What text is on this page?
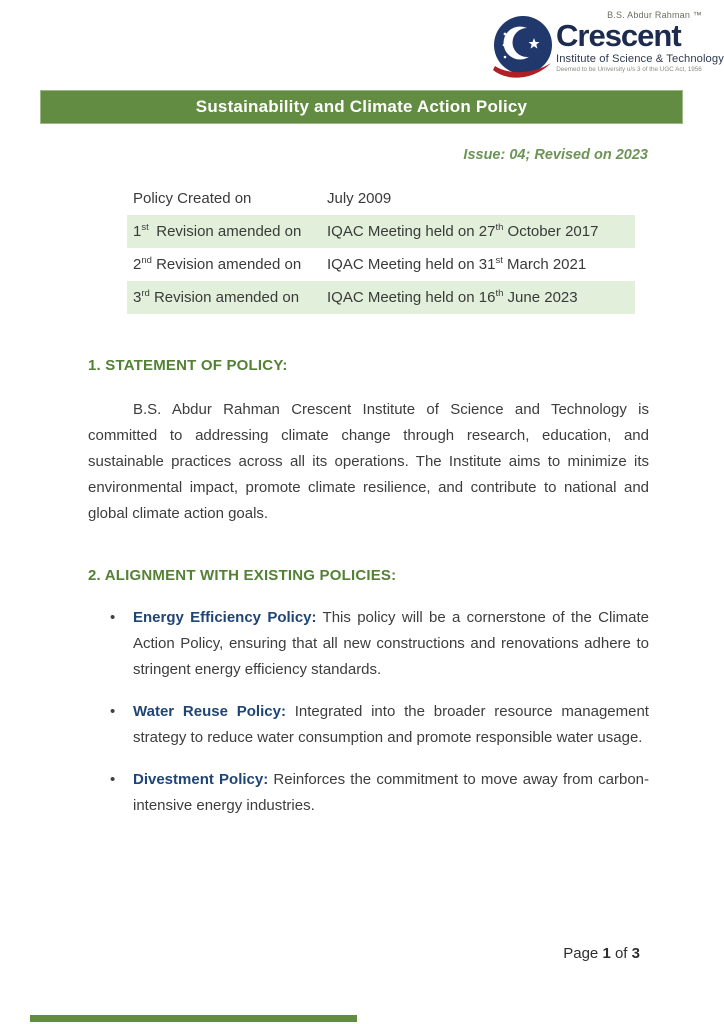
B.S. Abdur Rahman ™
Crescent
Institute of Science & Technology
Deemed to be University u/s 3 of the UGC Act, 1956
Sustainability and Climate Action Policy
Issue: 04; Revised on 2023
Policy Created on	July 2009
1st Revision amended on	IQAC Meeting held on 27th October 2017
2nd Revision amended on	IQAC Meeting held on 31st March 2021
3rd Revision amended on	IQAC Meeting held on 16th June 2023
1. STATEMENT OF POLICY:
B.S. Abdur Rahman Crescent Institute of Science and Technology is committed to addressing climate change through research, education, and sustainable practices across all its operations. The Institute aims to minimize its environmental impact, promote climate resilience, and contribute to national and global climate action goals.
2. ALIGNMENT WITH EXISTING POLICIES:
• Energy Efficiency Policy: This policy will be a cornerstone of the Climate Action Policy, ensuring that all new constructions and renovations adhere to stringent energy efficiency standards.
• Water Reuse Policy: Integrated into the broader resource management strategy to reduce water consumption and promote responsible water usage.
• Divestment Policy: Reinforces the commitment to move away from carbon-intensive energy industries.
Page 1 of 3
